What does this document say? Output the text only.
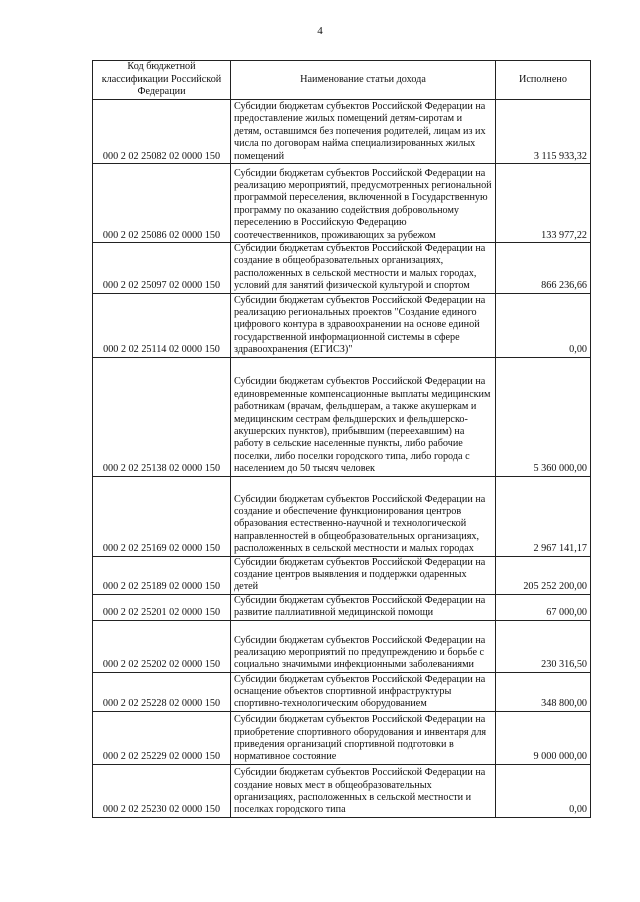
4
Код бюджетной классификации Российской Федерации	Наименование статьи дохода	Исполнено
000 2 02 25082 02 0000 150	Субсидии бюджетам субъектов Российской Федерации на предоставление жилых помещений детям-сиротам и детям, оставшимся без попечения родителей, лицам из их числа по договорам найма специализированных жилых помещений	3 115 933,32
000 2 02 25086 02 0000 150	Субсидии бюджетам субъектов Российской Федерации на реализацию мероприятий, предусмотренных региональной программой переселения, включенной в Государственную программу по оказанию содействия добровольному переселению в Российскую Федерацию соотечественников, проживающих за рубежом	133 977,22
000 2 02 25097 02 0000 150	Субсидии бюджетам субъектов Российской Федерации на создание в общеобразовательных организациях, расположенных в сельской местности и малых городах, условий для занятий физической культурой и спортом	866 236,66
000 2 02 25114 02 0000 150	Субсидии бюджетам субъектов Российской Федерации на реализацию региональных проектов "Создание единого цифрового контура в здравоохранении на основе единой государственной информационной системы в сфере здравоохранения (ЕГИСЗ)"	0,00
000 2 02 25138 02 0000 150	Субсидии бюджетам субъектов Российской Федерации на единовременные компенсационные выплаты медицинским работникам (врачам, фельдшерам, а также акушеркам и медицинским сестрам фельдшерских и фельдшерско-акушерских пунктов), прибывшим (переехавшим) на работу в сельские населенные пункты, либо рабочие поселки, либо поселки городского типа, либо города с населением до 50 тысяч человек	5 360 000,00
000 2 02 25169 02 0000 150	Субсидии бюджетам субъектов Российской Федерации на создание и обеспечение функционирования центров образования естественно-научной и технологической направленностей в общеобразовательных организациях, расположенных в сельской местности и малых городах	2 967 141,17
000 2 02 25189 02 0000 150	Субсидии бюджетам субъектов Российской Федерации на создание центров выявления и поддержки одаренных детей	205 252 200,00
000 2 02 25201 02 0000 150	Субсидии бюджетам субъектов Российской Федерации на развитие паллиативной медицинской помощи	67 000,00
000 2 02 25202 02 0000 150	Субсидии бюджетам субъектов Российской Федерации на реализацию мероприятий по предупреждению и борьбе с социально значимыми инфекционными заболеваниями	230 316,50
000 2 02 25228 02 0000 150	Субсидии бюджетам субъектов Российской Федерации на оснащение объектов спортивной инфраструктуры спортивно-технологическим оборудованием	348 800,00
000 2 02 25229 02 0000 150	Субсидии бюджетам субъектов Российской Федерации на приобретение спортивного оборудования и инвентаря для приведения организаций спортивной подготовки в нормативное состояние	9 000 000,00
000 2 02 25230 02 0000 150	Субсидии бюджетам субъектов Российской Федерации на создание новых мест в общеобразовательных организациях, расположенных в сельской местности и поселках городского типа	0,00
